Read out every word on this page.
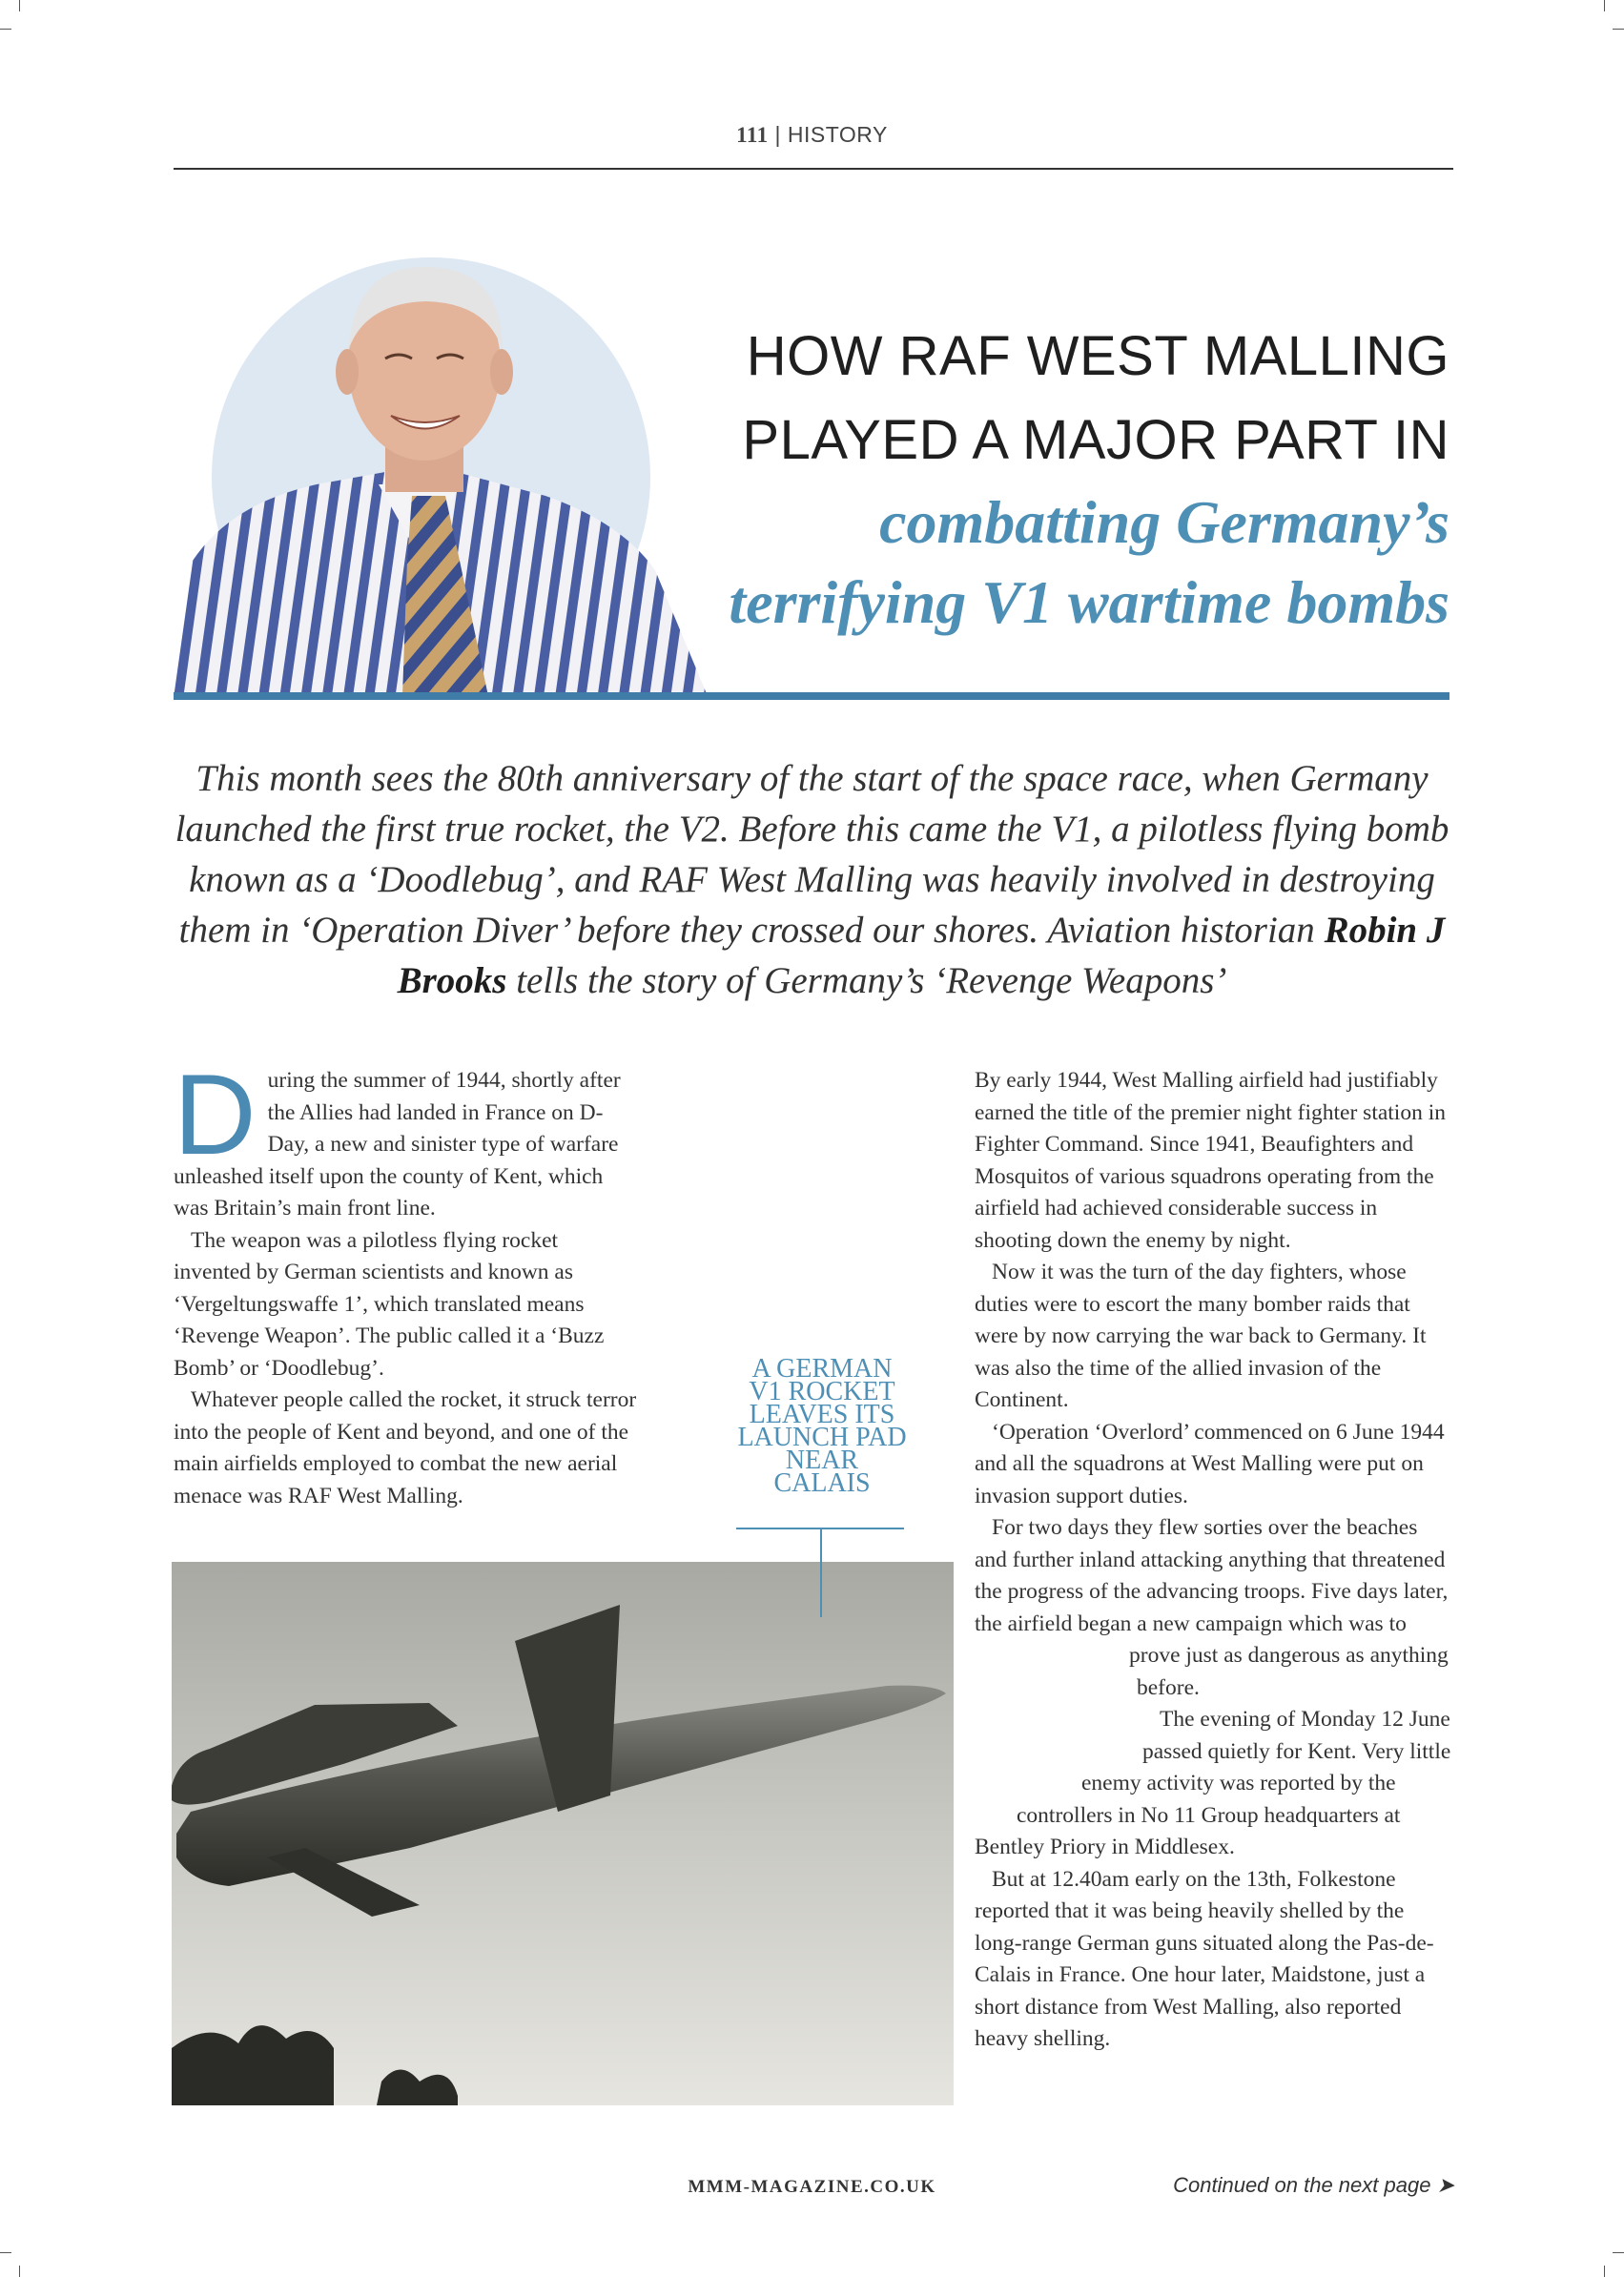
111 | HISTORY

HOW RAF WEST MALLING

PLAYED A MAJOR PART IN

combatting Germany’s

terrifying V1 wartime bombs

This month sees the 80th anniversary of the start of the space race, when Germany launched the first true rocket, the V2. Before this came the V1, a pilotless flying bomb known as a ‘Doodlebug’, and RAF West Malling was heavily involved in destroying them in ‘Operation Diver’ before they crossed our shores. Aviation historian Robin J Brooks tells the story of Germany’s ‘Revenge Weapons’

During the summer of 1944, shortly after the Allies had landed in France on D-Day, a new and sinister type of warfare unleashed itself upon the county of Kent, which was Britain’s main front line.

The weapon was a pilotless flying rocket invented by German scientists and known as ‘Vergeltungswaffe 1’, which translated means ‘Revenge Weapon’. The public called it a ‘Buzz Bomb’ or ‘Doodlebug’.

Whatever people called the rocket, it struck terror into the people of Kent and beyond, and one of the main airfields employed to combat the new aerial menace was RAF West Malling.

By early 1944, West Malling airfield had justifiably earned the title of the premier night fighter station in Fighter Command. Since 1941, Beaufighters and Mosquitos of various squadrons operating from the airfield had achieved considerable success in shooting down the enemy by night.

Now it was the turn of the day fighters, whose duties were to escort the many bomber raids that were by now carrying the war back to Germany. It was also the time of the allied invasion of the Continent.

‘Operation ‘Overlord’ commenced on 6 June 1944 and all the squadrons at West Malling were put on invasion support duties.

For two days they flew sorties over the beaches and further inland attacking anything that threatened the progress of the advancing troops. Five days later, the airfield began a new campaign which was to prove just as dangerous as anything before.

The evening of Monday 12 June passed quietly for Kent. Very little enemy activity was reported by the controllers in No 11 Group headquarters at Bentley Priory in Middlesex.

But at 12.40am early on the 13th, Folkestone reported that it was being heavily shelled by the long-range German guns situated along the Pas-de-Calais in France. One hour later, Maidstone, just a short distance from West Malling, also reported heavy shelling.

A GERMAN V1 ROCKET LEAVES ITS LAUNCH PAD NEAR CALAIS
MMM-MAGAZINE.CO.UK	Continued on the next page ➤
